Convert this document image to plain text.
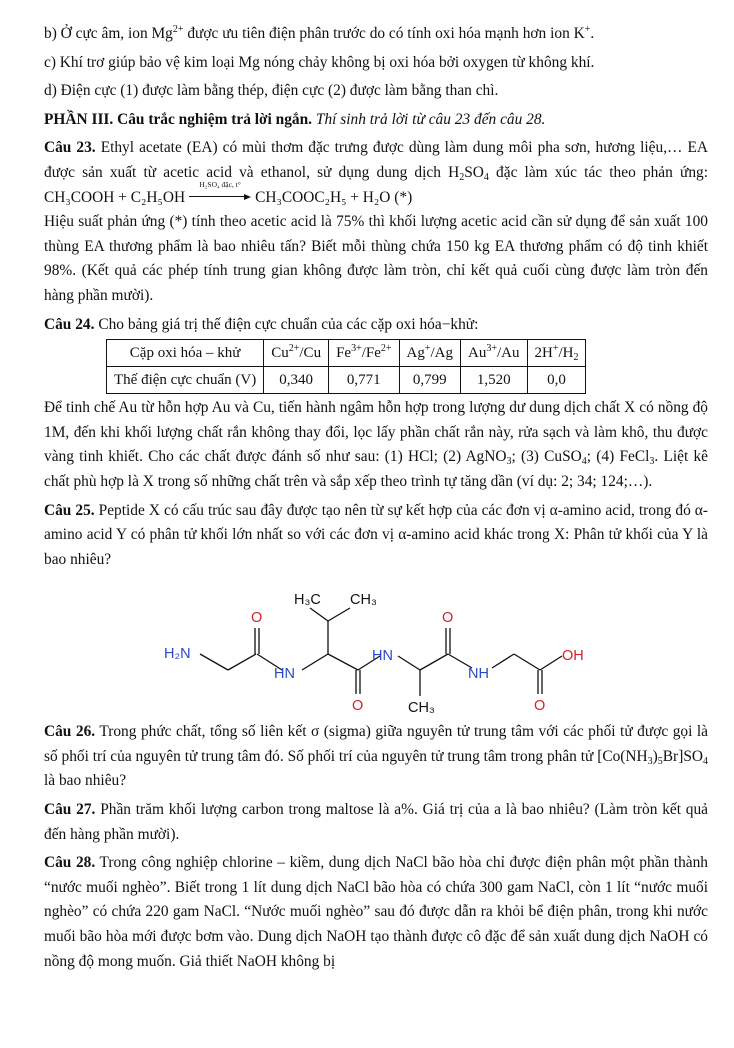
b) Ở cực âm, ion $Mg^{2+}$ được ưu tiên điện phân trước do có tính oxi hóa mạnh hơn ion K+.

c) Khí trơ giúp bảo vệ kim loại Mg nóng chảy không bị oxi hóa bởi oxygen từ không khí.

d) Điện cực (1) được làm bằng thép, điện cực (2) được làm bằng than chì.

PHẦN III. Câu trắc nghiệm trả lời ngắn. Thí sinh trả lời từ câu 23 đến câu 28.

Câu 23. Ethyl acetate (EA) có mùi thơm đặc trưng được dùng làm dung môi pha sơn, hương liệu,… EA được sản xuất từ acetic acid và ethanol, sử dụng dung dịch $H_2SO_4$ đặc làm xúc tác theo phản ứng: CH₃COOH + C₂H₅OH
H₂SO₄ đặc, t°
CH₃COOC₂H₅ + H₂O (*)

Hiệu suất phản ứng (*) tính theo acetic acid là 75% thì khối lượng acetic acid cần sử dụng để sản xuất 100 thùng EA thương phẩm là bao nhiêu tấn? Biết mỗi thùng chứa 150 kg EA thương phẩm có độ tinh khiết 98%. (Kết quả các phép tính trung gian không được làm tròn, chỉ kết quả cuối cùng được làm tròn đến hàng phần mười).

Câu 24. Cho bảng giá trị thế điện cực chuẩn của các cặp oxi hóa−khử:

Cặp oxi hóa – khử	$Cu^{2+}/Cu$	$Fe^{3+}/Fe^{2+}$	Ag+/Ag	$Au^{3+}/Au$	$2H^+/H_2$
Thế điện cực chuẩn (V)	0,340	0,771	0,799	1,520	0,0

Để tinh chế Au từ hỗn hợp Au và Cu, tiến hành ngâm hỗn hợp trong lượng dư dung dịch chất X có nồng độ 1M, đến khi khối lượng chất rắn không thay đổi, lọc lấy phần chất rắn này, rửa sạch và làm khô, thu được vàng tinh khiết. Cho các chất được đánh số như sau: (1) HCl; (2) AgNO$_3$; (3) CuSO$_4$; (4) FeCl$_3$. Liệt kê chất phù hợp là X trong số những chất trên và sắp xếp theo trình tự tăng dần (ví dụ: 2; 34; 124;…).

Câu 25. Peptide X có cấu trúc sau đây được tạo nên từ sự kết hợp của các đơn vị α-amino acid, trong đó α-amino acid Y có phân tử khối lớn nhất so với các đơn vị α-amino acid khác trong X: Phân tử khối của Y là bao nhiêu?

H₃C CH₃
O	O
H₂N
HN
HN
NH
OH
O	CH₃	O

Câu 26. Trong phức chất, tổng số liên kết σ (sigma) giữa nguyên tử trung tâm với các phối tử được gọi là số phối trí của nguyên tử trung tâm đó. Số phối trí của nguyên tử trung tâm trong phân tử $[Co(NH_3)_5Br]SO_4$ là bao nhiêu?

Câu 27. Phần trăm khối lượng carbon trong maltose là a%. Giá trị của a là bao nhiêu? (Làm tròn kết quả đến hàng phần mười).

Câu 28. Trong công nghiệp chlorine – kiềm, dung dịch NaCl bão hòa chỉ được điện phân một phần thành “nước muối nghèo”. Biết trong 1 lít dung dịch NaCl bão hòa có chứa 300 gam NaCl, còn 1 lít “nước muối nghèo” có chứa 220 gam NaCl. “Nước muối nghèo” sau đó được dẫn ra khỏi bể điện phân, trong khi nước muối bão hòa mới được bơm vào. Dung dịch NaOH tạo thành được cô đặc để sản xuất dung dịch NaOH có nồng độ mong muốn. Giả thiết NaOH không bị
